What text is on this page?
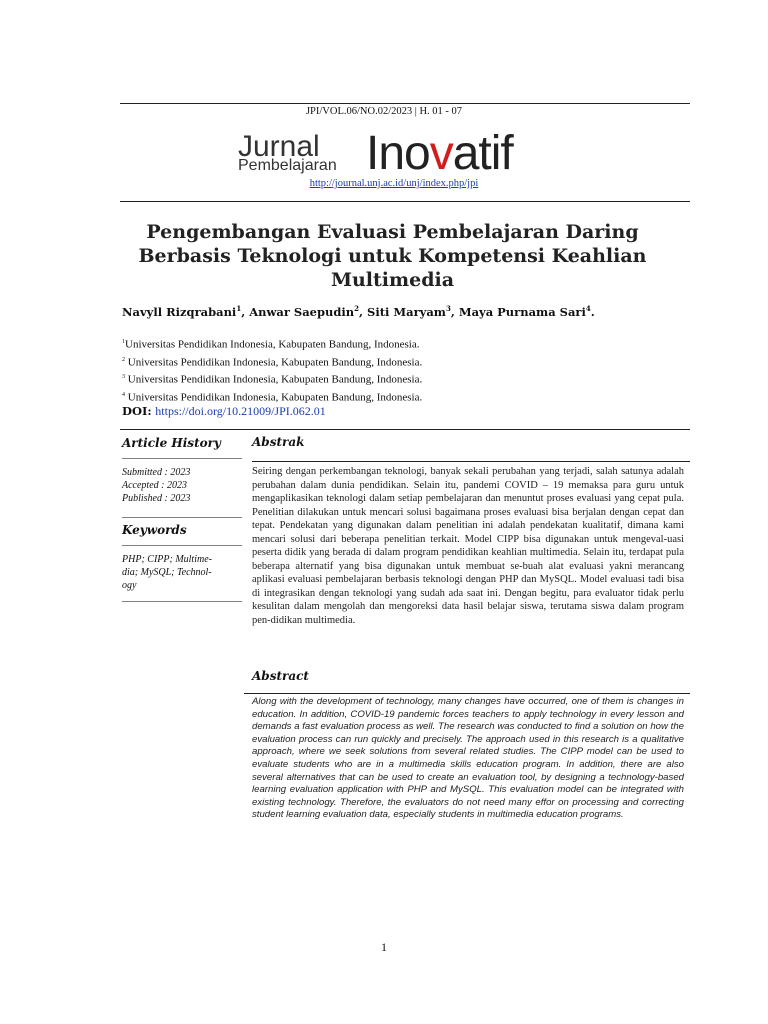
JPI/VOL.06/NO.02/2023 | H. 01 - 07
Jurnal
Pembelajaran Inovatif
http://journal.unj.ac.id/unj/index.php/jpi
Pengembangan Evaluasi Pembelajaran Daring
Berbasis Teknologi untuk Kompetensi Keahlian
Multimedia
Navyll Rizqrabani$^1$, Anwar Saepudin$^2$, Siti Maryam$^3$, Maya Purnama Sari$^4$.
$^1$Universitas Pendidikan Indonesia, Kabupaten Bandung, Indonesia.
$^2$ Universitas Pendidikan Indonesia, Kabupaten Bandung, Indonesia.
$^3$ Universitas Pendidikan Indonesia, Kabupaten Bandung, Indonesia.
$^4$ Universitas Pendidikan Indonesia, Kabupaten Bandung, Indonesia.
DOI: https://doi.org/10.21009/JPI.062.01
Article History
________________________
Submitted : 2023
Accepted : 2023
Published : 2023
________________________
Keywords
________________________
PHP; CIPP; Multime-
dia; MySQL; Technol-
ogy
________________________
Abstrak
Seiring dengan perkembangan teknologi, banyak sekali perubahan yang terjadi, salah satunya adalah perubahan dalam dunia pendidikan. Selain itu, pandemi COVID – 19 memaksa para guru untuk mengaplikasikan teknologi dalam setiap pembelajaran dan menuntut proses evaluasi yang cepat pula. Penelitian dilakukan untuk mencari solusi bagaimana proses evaluasi bisa berjalan dengan cepat dan tepat. Pendekatan yang digunakan dalam penelitian ini adalah pendekatan kualitatif, dimana kami mencari solusi dari beberapa penelitian terkait. Model CIPP bisa digunakan untuk mengeval-uasi peserta didik yang berada di dalam program pendidikan keahlian multimedia. Selain itu, terdapat pula beberapa alternatif yang bisa digunakan untuk membuat se-buah alat evaluasi yakni merancang aplikasi evaluasi pembelajaran berbasis teknologi dengan PHP dan MySQL. Model evaluasi tadi bisa di integrasikan dengan teknologi yang sudah ada saat ini. Dengan begitu, para evaluator tidak perlu kesulitan dalam mengolah dan mengoreksi data hasil belajar siswa, terutama siswa dalam program pen-didikan multimedia.
Abstract
Along with the development of technology, many changes have occurred, one of them is changes in education. In addition, COVID-19 pandemic forces teachers to apply technology in every lesson and demands a fast evaluation process as well. The research was conducted to find a solution on how the evaluation process can run quickly and precisely. The approach used in this research is a qualitative approach, where we seek solutions from several related studies. The CIPP model can be used to evaluate students who are in a multimedia skills education program. In addition, there are also several alternatives that can be used to create an evaluation tool, by designing a technology-based learning evaluation application with PHP and MySQL. This evaluation model can be integrated with existing technology. Therefore, the evaluators do not need many effor on processing and correcting student learning evaluation data, especially students in multimedia education programs.
1
